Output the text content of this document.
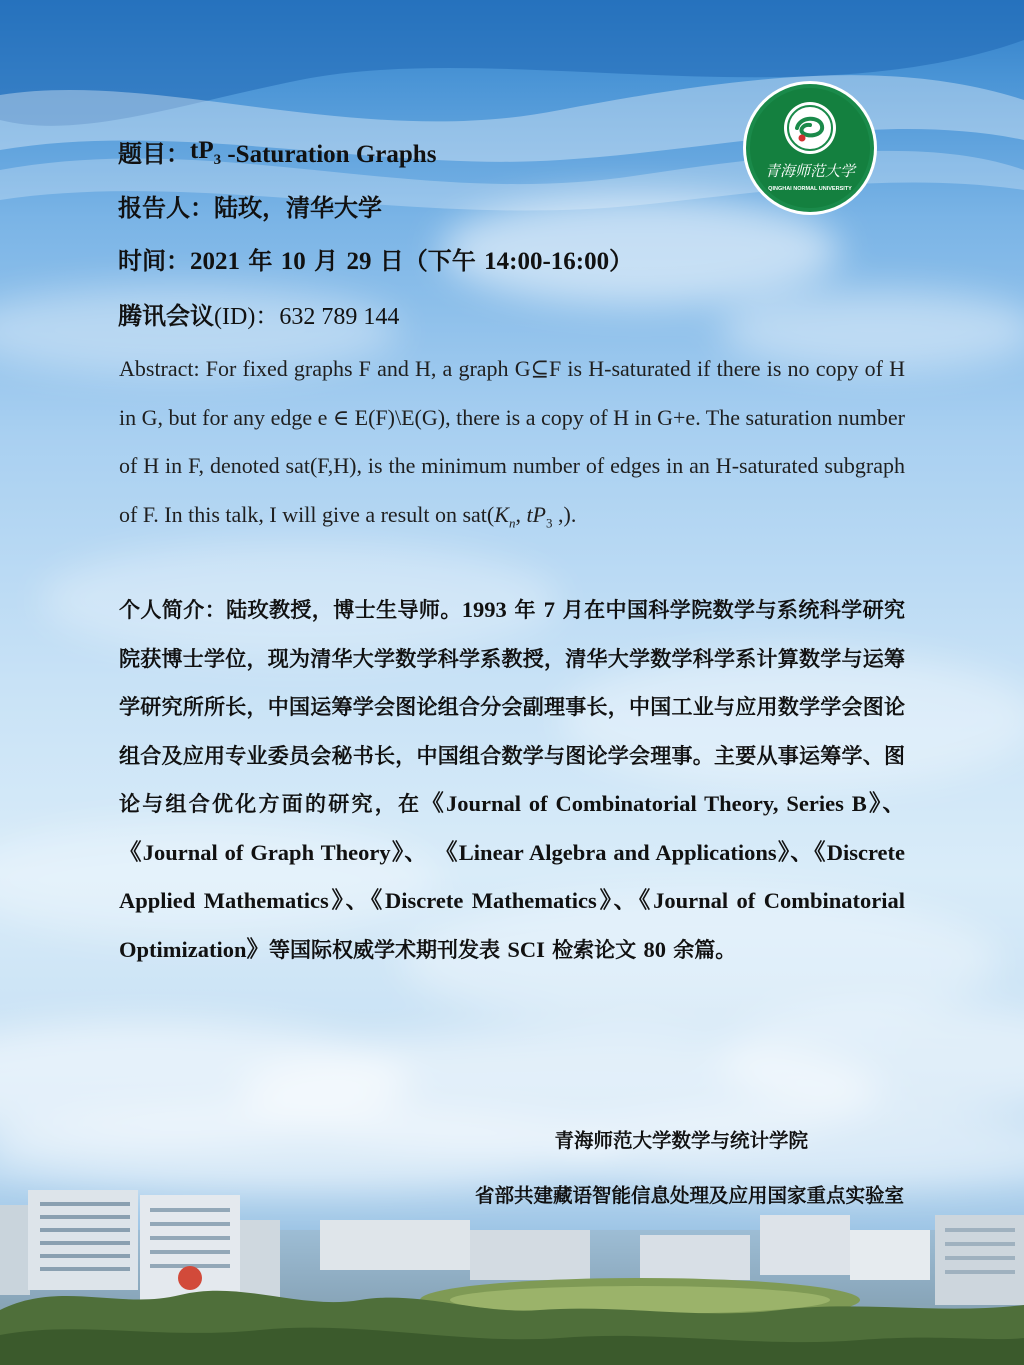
青海师范大学
QINGHAI NORMAL UNIVERSITY
题目：$tP_3$ -Saturation Graphs
报告人：陆玫，清华大学
时间：2021 年 10 月 29 日（下午 14:00-16:00）
腾讯会议(ID)：632 789 144
Abstract: For fixed graphs F and H, a graph G⊆F is H-saturated if there is no copy of H in G, but for any edge e ∈ E(F)\E(G), there is a copy of H in G+e. The saturation number of H in F, denoted sat(F,H), is the minimum number of edges in an H-saturated subgraph of F. In this talk, I will give a result on $sat(K_n$, $tP_3$ ,).
个人简介：陆玫教授，博士生导师。1993 年 7 月在中国科学院数学与系统科学研究院获博士学位，现为清华大学数学科学系教授，清华大学数学科学系计算数学与运筹学研究所所长，中国运筹学会图论组合分会副理事长，中国工业与应用数学学会图论组合及应用专业委员会秘书长，中国组合数学与图论学会理事。主要从事运筹学、图论与组合优化方面的研究，在《Journal of Combinatorial Theory, Series B》、《Journal of Graph Theory》、 《Linear Algebra and Applications》、《Discrete Applied Mathematics》、《Discrete Mathematics》、《Journal of Combinatorial Optimization》等国际权威学术期刊发表 SCI 检索论文 80 余篇。
青海师范大学数学与统计学院
省部共建藏语智能信息处理及应用国家重点实验室
